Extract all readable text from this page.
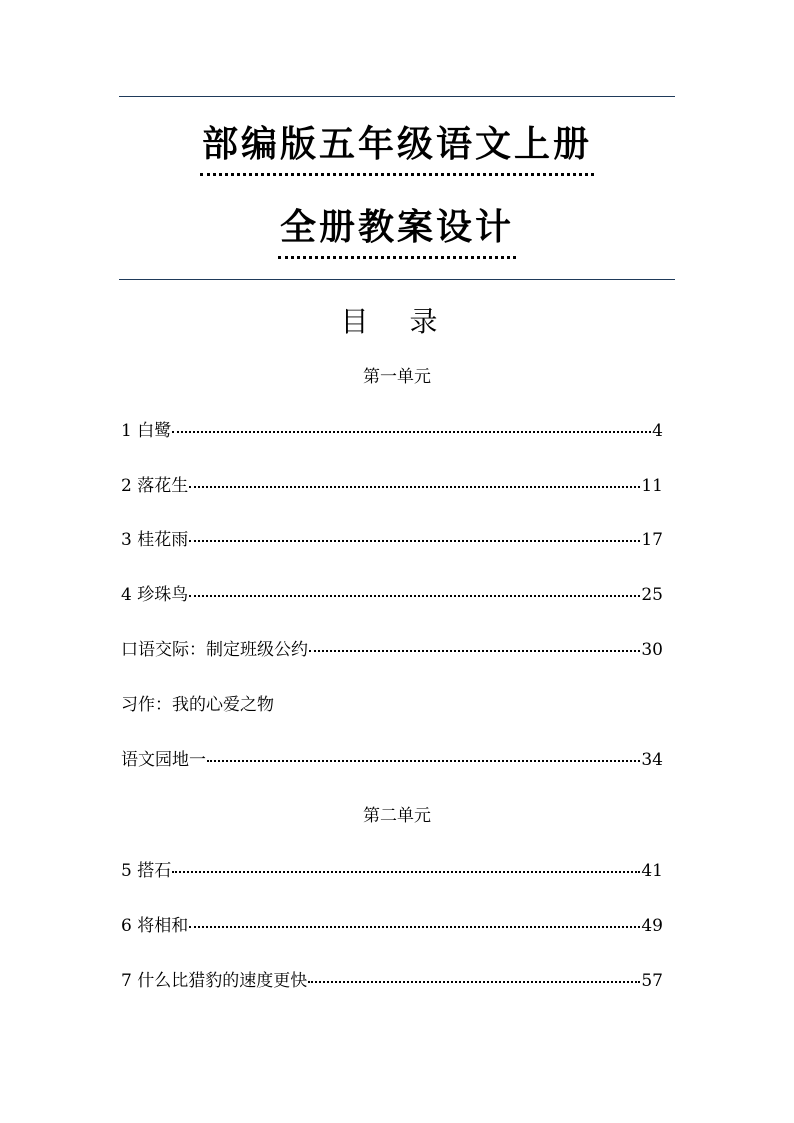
部编版五年级语文上册
全册教案设计
目 录
第一单元
1 白鹭	4
2 落花生	11
3 桂花雨	17
4 珍珠鸟	25
口语交际：制定班级公约	30
习作：我的心爱之物
语文园地一	34
第二单元
5 搭石	41
6 将相和	49
7 什么比猎豹的速度更快	57
